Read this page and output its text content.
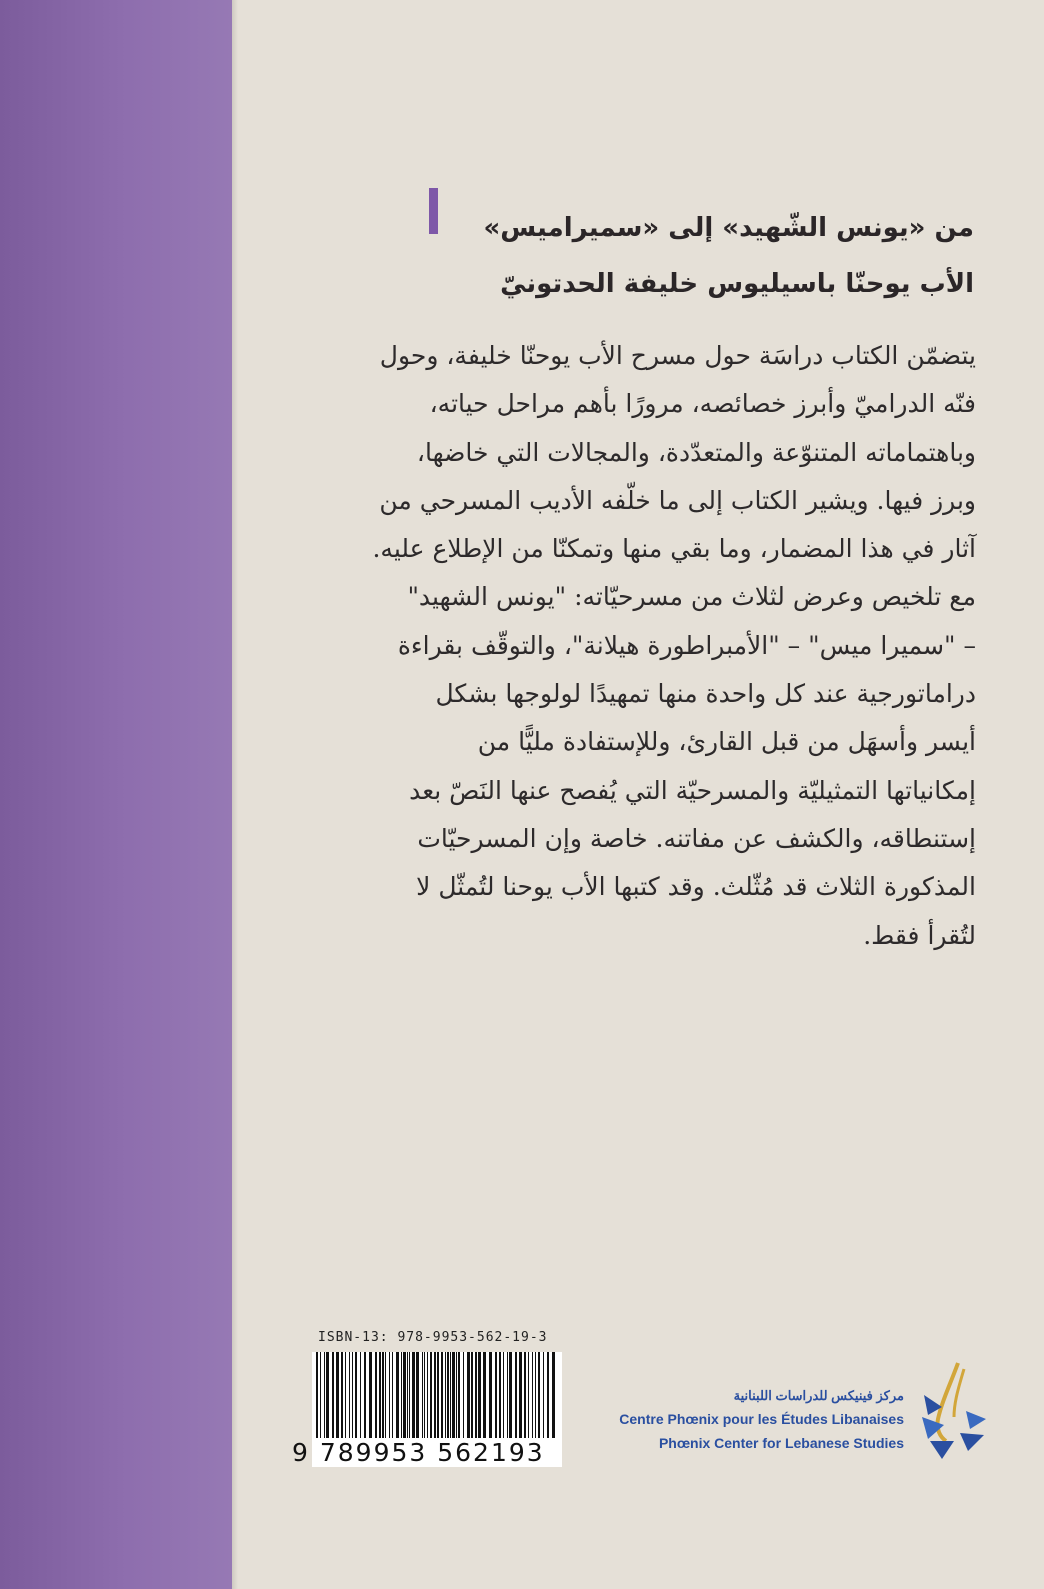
من «يونس الشّهيد» إلى «سميراميس»
الأب يوحنّا باسيليوس خليفة الحدتونيّ

يتضمّن الكتاب دراسَة حول مسرح الأب يوحنّا خليفة، وحول

فنّه الدراميّ وأبرز خصائصه، مرورًا بأهم مراحل حياته،

وباهتماماته المتنوّعة والمتعدّدة، والمجالات التي خاضها،

وبرز فيها. ويشير الكتاب إلى ما خلّفه الأديب المسرحي من

آثار في هذا المضمار، وما بقي منها وتمكنّا من الإطلاع عليه.

مع تلخيص وعرض لثلاث من مسرحيّاته: "يونس الشهيد"

– "سميرا ميس" – "الأمبراطورة هيلانة"، والتوقّف بقراءة

دراماتورجية عند كل واحدة منها تمهيدًا لولوجها بشكل

أيسر وأسهَل من قبل القارئ، وللإستفادة مليًّا من

إمكانياتها التمثيليّة والمسرحيّة التي يُفصح عنها النَصّ بعد

إستنطاقه، والكشف عن مفاتنه. خاصة وإن المسرحيّات

المذكورة الثلاث قد مُثّلث. وقد كتبها الأب يوحنا لتُمثّل لا

لتُقرأ فقط.

ISBN-13: 978-9953-562-19-3
9 789953 562193
مركز فينيكس للدراسات اللبنانية
Centre Phœnix pour les Études Libanaises
Phœnix Center for Lebanese Studies
